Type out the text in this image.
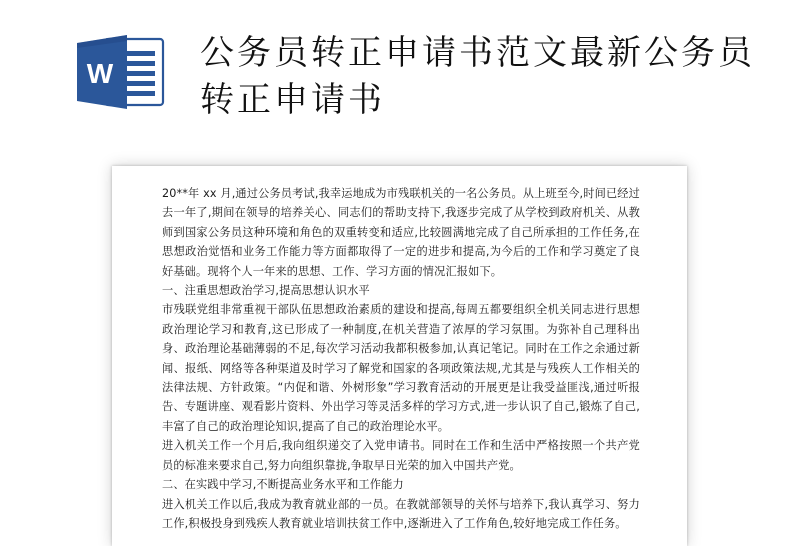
W
公务员转正申请书范文最新公务员转正申请书

20**年 xx 月,通过公务员考试,我幸运地成为市残联机关的一名公务员。从上班至今,时间已经过去一年了,期间在领导的培养关心、同志们的帮助支持下,我逐步完成了从学校到政府机关、从教师到国家公务员这种环境和角色的双重转变和适应,比较圆满地完成了自己所承担的工作任务,在思想政治觉悟和业务工作能力等方面都取得了一定的进步和提高,为今后的工作和学习奠定了良好基础。现将个人一年来的思想、工作、学习方面的情况汇报如下。

一、注重思想政治学习,提高思想认识水平

市残联党组非常重视干部队伍思想政治素质的建设和提高,每周五都要组织全机关同志进行思想政治理论学习和教育,这已形成了一种制度,在机关营造了浓厚的学习氛围。为弥补自己理科出身、政治理论基础薄弱的不足,每次学习活动我都积极参加,认真记笔记。同时在工作之余通过新闻、报纸、网络等各种渠道及时学习了解党和国家的各项政策法规,尤其是与残疾人工作相关的法律法规、方针政策。“内促和谐、外树形象”学习教育活动的开展更是让我受益匪浅,通过听报告、专题讲座、观看影片资料、外出学习等灵活多样的学习方式,进一步认识了自己,锻炼了自己,丰富了自己的政治理论知识,提高了自己的政治理论水平。

进入机关工作一个月后,我向组织递交了入党申请书。同时在工作和生活中严格按照一个共产党员的标准来要求自己,努力向组织靠拢,争取早日光荣的加入中国共产党。

二、在实践中学习,不断提高业务水平和工作能力

进入机关工作以后,我成为教育就业部的一员。在教就部领导的关怀与培养下,我认真学习、努力工作,积极投身到残疾人教育就业培训扶贫工作中,逐渐进入了工作角色,较好地完成工作任务。
